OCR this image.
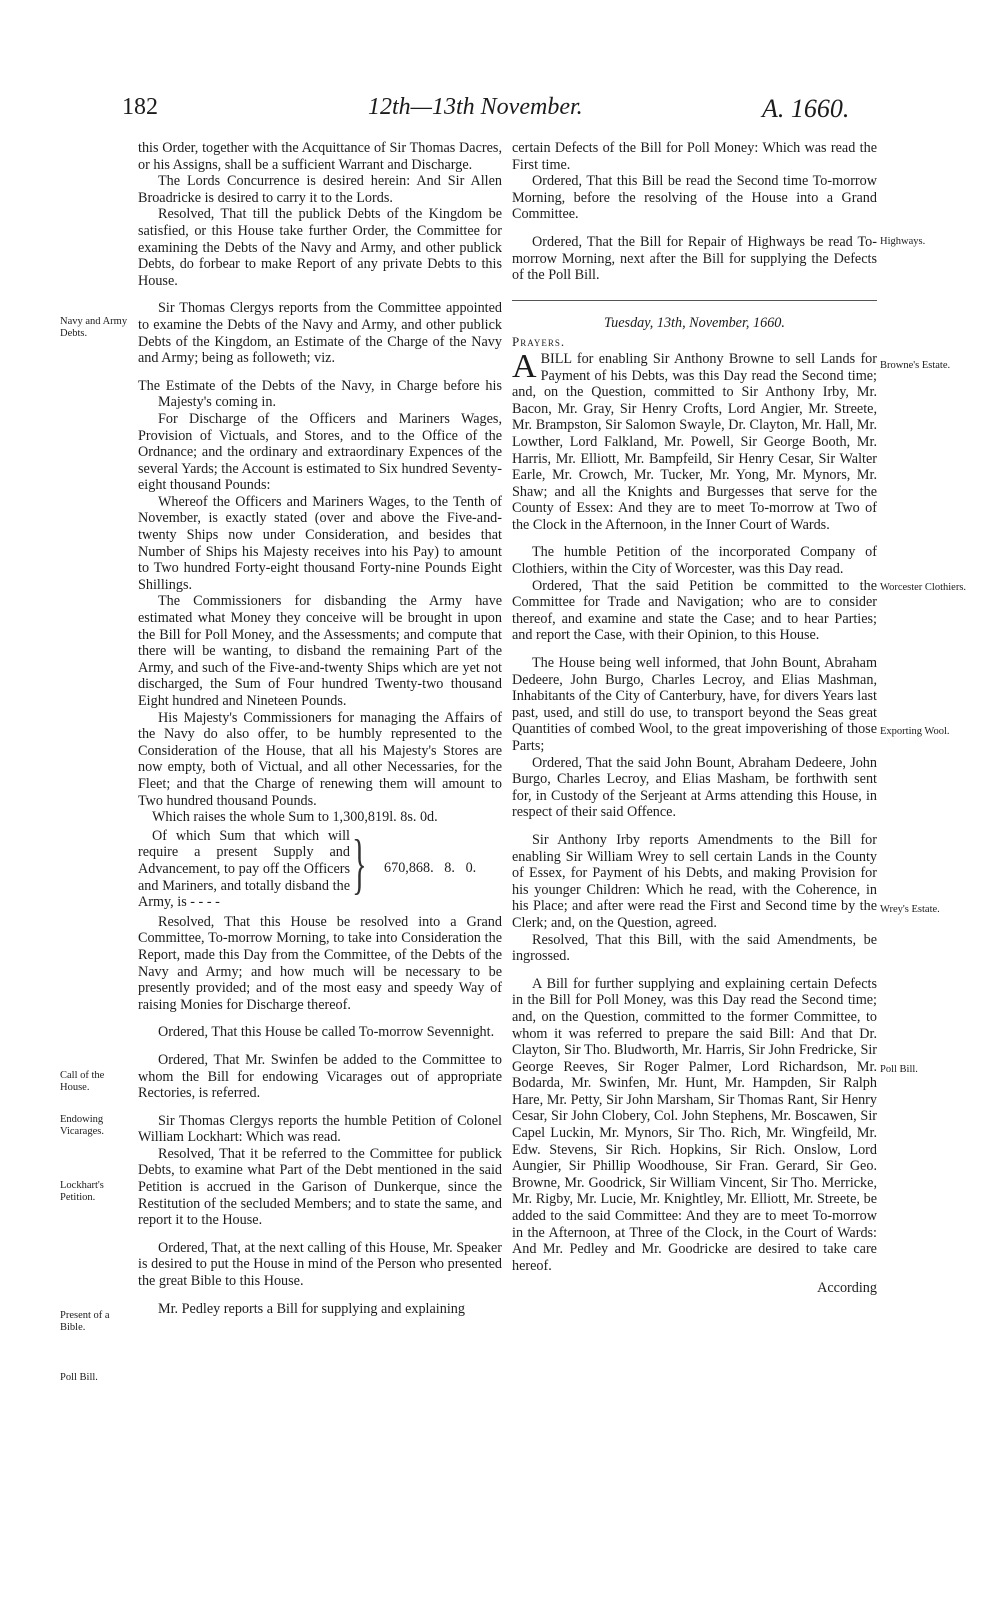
182	12th—13th November.	A. 1660.
Navy and Army Debts.
Call of the House.
Endowing Vicarages.
Lockhart's Petition.
Present of a Bible.
Poll Bill.
Highways.
Browne's Estate.
Worcester Clothiers.
Exporting Wool.
Wrey's Estate.
Poll Bill.

this Order, together with the Acquittance of Sir Thomas Dacres, or his Assigns, shall be a sufficient Warrant and Discharge.

The Lords Concurrence is desired herein: And Sir Allen Broadricke is desired to carry it to the Lords.

Resolved, That till the publick Debts of the Kingdom be satisfied, or this House take further Order, the Committee for examining the Debts of the Navy and Army, and other publick Debts, do forbear to make Report of any private Debts to this House.

Sir Thomas Clergys reports from the Committee appointed to examine the Debts of the Navy and Army, and other publick Debts of the Kingdom, an Estimate of the Charge of the Navy and Army; being as followeth; viz.

The Estimate of the Debts of the Navy, in Charge before his Majesty's coming in.

For Discharge of the Officers and Mariners Wages, Provision of Victuals, and Stores, and to the Office of the Ordnance; and the ordinary and extraordinary Expences of the several Yards; the Account is estimated to Six hundred Seventy-eight thousand Pounds:

Whereof the Officers and Mariners Wages, to the Tenth of November, is exactly stated (over and above the Five-and-twenty Ships now under Consideration, and besides that Number of Ships his Majesty receives into his Pay) to amount to Two hundred Forty-eight thousand Forty-nine Pounds Eight Shillings.

The Commissioners for disbanding the Army have estimated what Money they conceive will be brought in upon the Bill for Poll Money, and the Assessments; and compute that there will be wanting, to disband the remaining Part of the Army, and such of the Five-and-twenty Ships which are yet not discharged, the Sum of Four hundred Twenty-two thousand Eight hundred and Nineteen Pounds.

His Majesty's Commissioners for managing the Affairs of the Navy do also offer, to be humbly represented to the Consideration of the House, that all his Majesty's Stores are now empty, both of Victual, and all other Necessaries, for the Fleet; and that the Charge of renewing them will amount to Two hundred thousand Pounds.

Which raises the whole Sum to 1,300,819l. 8s. 0d.

Of which Sum that which will require a present Supply and Advancement, to pay off the Officers and Mariners, and totally disband the Army, is - - - -
} 670,868.   8.   0.

Resolved, That this House be resolved into a Grand Committee, To-morrow Morning, to take into Consideration the Report, made this Day from the Committee, of the Debts of the Navy and Army; and how much will be necessary to be presently provided; and of the most easy and speedy Way of raising Monies for Discharge thereof.

Ordered, That this House be called To-morrow Sevennight.

Ordered, That Mr. Swinfen be added to the Committee to whom the Bill for endowing Vicarages out of appropriate Rectories, is referred.

Sir Thomas Clergys reports the humble Petition of Colonel William Lockhart: Which was read.

Resolved, That it be referred to the Committee for publick Debts, to examine what Part of the Debt mentioned in the said Petition is accrued in the Garison of Dunkerque, since the Restitution of the secluded Members; and to state the same, and report it to the House.

Ordered, That, at the next calling of this House, Mr. Speaker is desired to put the House in mind of the Person who presented the great Bible to this House.

Mr. Pedley reports a Bill for supplying and explaining

certain Defects of the Bill for Poll Money: Which was read the First time.

Ordered, That this Bill be read the Second time To-morrow Morning, before the resolving of the House into a Grand Committee.

Ordered, That the Bill for Repair of Highways be read To-morrow Morning, next after the Bill for supplying the Defects of the Poll Bill.

Tuesday, 13th, November, 1660.

Prayers.

ABILL for enabling Sir Anthony Browne to sell Lands for Payment of his Debts, was this Day read the Second time; and, on the Question, committed to Sir Anthony Irby, Mr. Bacon, Mr. Gray, Sir Henry Crofts, Lord Angier, Mr. Streete, Mr. Brampston, Sir Salomon Swayle, Dr. Clayton, Mr. Hall, Mr. Lowther, Lord Falkland, Mr. Powell, Sir George Booth, Mr. Harris, Mr. Elliott, Mr. Bampfeild, Sir Henry Cesar, Sir Walter Earle, Mr. Crowch, Mr. Tucker, Mr. Yong, Mr. Mynors, Mr. Shaw; and all the Knights and Burgesses that serve for the County of Essex: And they are to meet To-morrow at Two of the Clock in the Afternoon, in the Inner Court of Wards.

The humble Petition of the incorporated Company of Clothiers, within the City of Worcester, was this Day read.

Ordered, That the said Petition be committed to the Committee for Trade and Navigation; who are to consider thereof, and examine and state the Case; and to hear Parties; and report the Case, with their Opinion, to this House.

The House being well informed, that John Bount, Abraham Dedeere, John Burgo, Charles Lecroy, and Elias Mashman, Inhabitants of the City of Canterbury, have, for divers Years last past, used, and still do use, to transport beyond the Seas great Quantities of combed Wool, to the great impoverishing of those Parts;

Ordered, That the said John Bount, Abraham Dedeere, John Burgo, Charles Lecroy, and Elias Masham, be forthwith sent for, in Custody of the Serjeant at Arms attending this House, in respect of their said Offence.

Sir Anthony Irby reports Amendments to the Bill for enabling Sir William Wrey to sell certain Lands in the County of Essex, for Payment of his Debts, and making Provision for his younger Children: Which he read, with the Coherence, in his Place; and after were read the First and Second time by the Clerk; and, on the Question, agreed.

Resolved, That this Bill, with the said Amendments, be ingrossed.

A Bill for further supplying and explaining certain Defects in the Bill for Poll Money, was this Day read the Second time; and, on the Question, committed to the former Committee, to whom it was referred to prepare the said Bill: And that Dr. Clayton, Sir Tho. Bludworth, Mr. Harris, Sir John Fredricke, Sir George Reeves, Sir Roger Palmer, Lord Richardson, Mr. Bodarda, Mr. Swinfen, Mr. Hunt, Mr. Hampden, Sir Ralph Hare, Mr. Petty, Sir John Marsham, Sir Thomas Rant, Sir Henry Cesar, Sir John Clobery, Col. John Stephens, Mr. Boscawen, Sir Capel Luckin, Mr. Mynors, Sir Tho. Rich, Mr. Wingfeild, Mr. Edw. Stevens, Sir Rich. Hopkins, Sir Rich. Onslow, Lord Aungier, Sir Phillip Woodhouse, Sir Fran. Gerard, Sir Geo. Browne, Mr. Goodrick, Sir William Vincent, Sir Tho. Merricke, Mr. Rigby, Mr. Lucie, Mr. Knightley, Mr. Elliott, Mr. Streete, be added to the said Committee: And they are to meet To-morrow in the Afternoon, at Three of the Clock, in the Court of Wards: And Mr. Pedley and Mr. Goodricke are desired to take care hereof.

According
